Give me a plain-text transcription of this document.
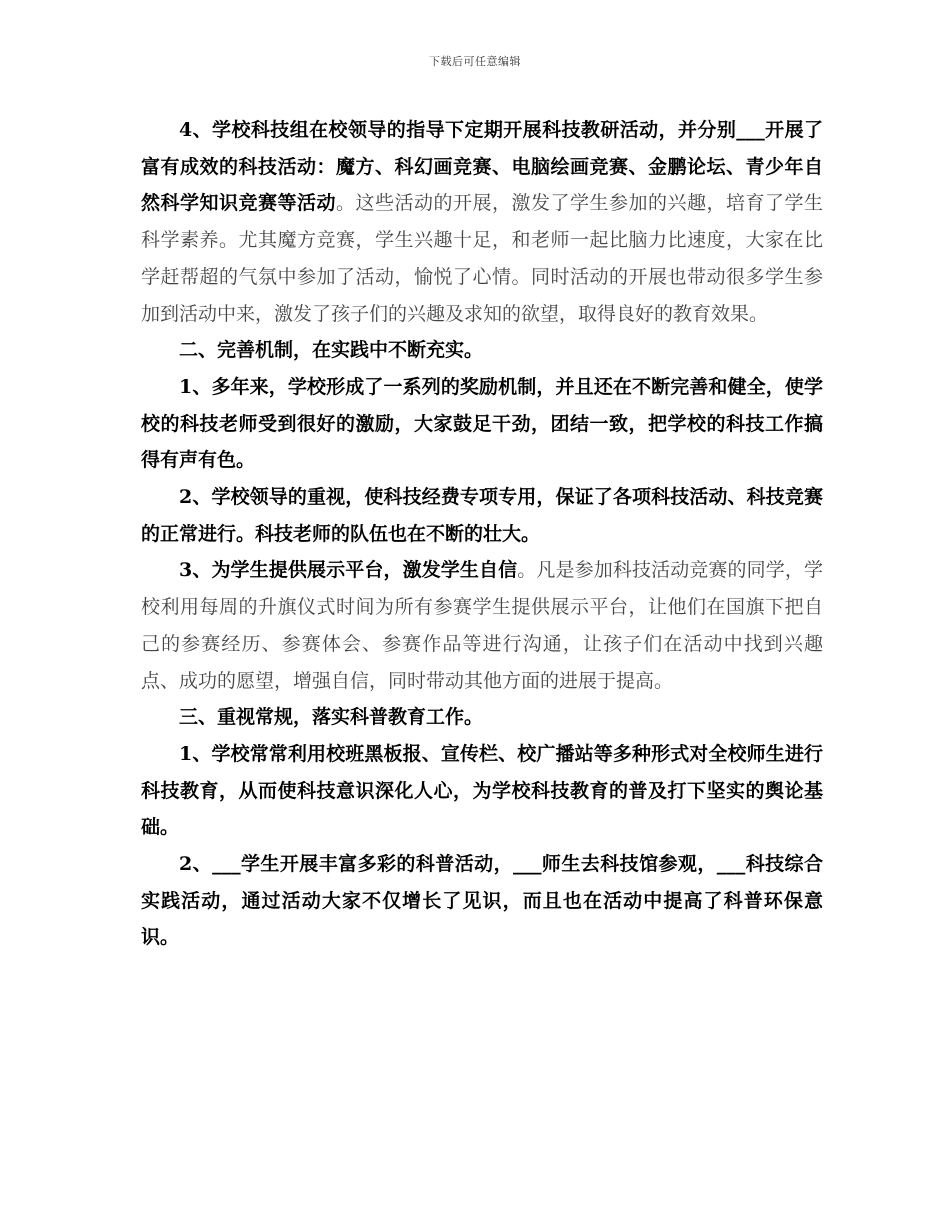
下载后可任意编辑

4、学校科技组在校领导的指导下定期开展科技教研活动，并分别___开展了富有成效的科技活动：魔方、科幻画竞赛、电脑绘画竞赛、金鹏论坛、青少年自然科学知识竞赛等活动。这些活动的开展，激发了学生参加的兴趣，培育了学生科学素养。尤其魔方竞赛，学生兴趣十足，和老师一起比脑力比速度，大家在比学赶帮超的气氛中参加了活动，愉悦了心情。同时活动的开展也带动很多学生参加到活动中来，激发了孩子们的兴趣及求知的欲望，取得良好的教育效果。

二、完善机制，在实践中不断充实。

1、多年来，学校形成了一系列的奖励机制，并且还在不断完善和健全，使学校的科技老师受到很好的激励，大家鼓足干劲，团结一致，把学校的科技工作搞得有声有色。

2、学校领导的重视，使科技经费专项专用，保证了各项科技活动、科技竞赛的正常进行。科技老师的队伍也在不断的壮大。

3、为学生提供展示平台，激发学生自信。凡是参加科技活动竞赛的同学，学校利用每周的升旗仪式时间为所有参赛学生提供展示平台，让他们在国旗下把自己的参赛经历、参赛体会、参赛作品等进行沟通，让孩子们在活动中找到兴趣点、成功的愿望，增强自信，同时带动其他方面的进展于提高。

三、重视常规，落实科普教育工作。

1、学校常常利用校班黑板报、宣传栏、校广播站等多种形式对全校师生进行科技教育，从而使科技意识深化人心，为学校科技教育的普及打下坚实的舆论基础。

2、___学生开展丰富多彩的科普活动，___师生去科技馆参观，___科技综合实践活动，通过活动大家不仅增长了见识，而且也在活动中提高了科普环保意识。
